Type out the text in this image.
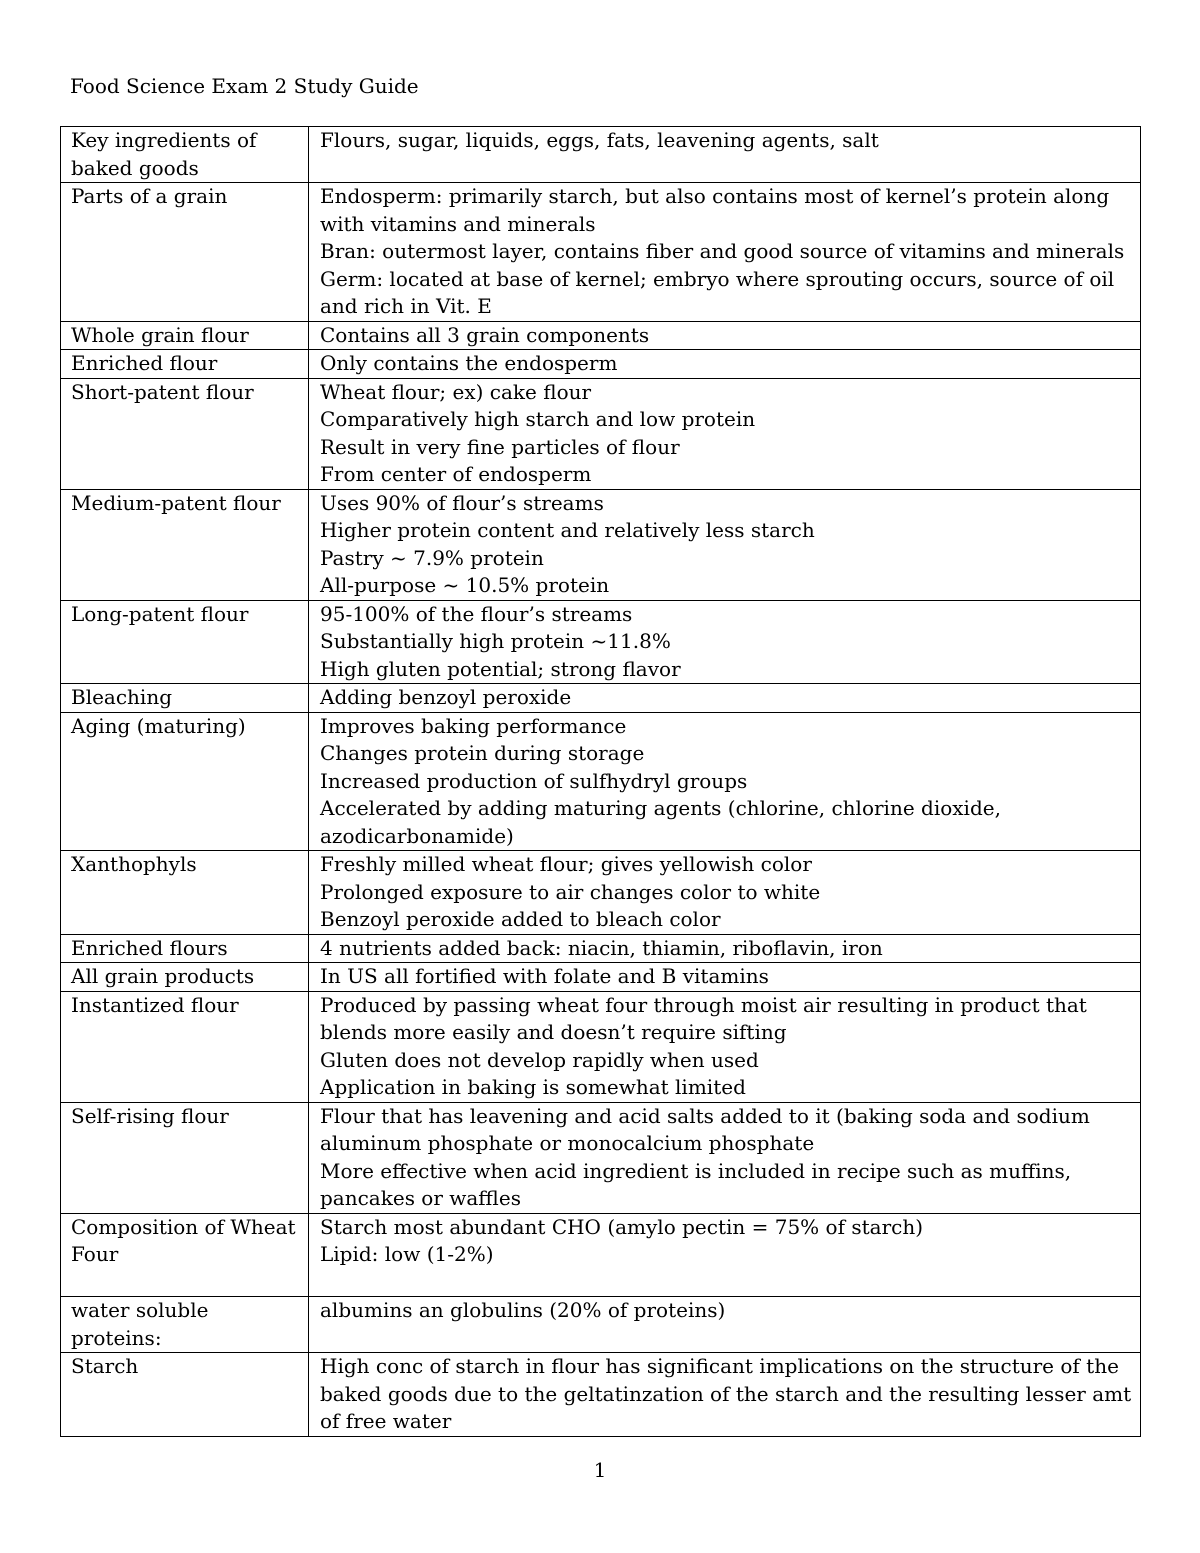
Food Science Exam 2 Study Guide
Key ingredients of baked goods	Flours, sugar, liquids, eggs, fats, leavening agents, salt

Parts of a grain	Endosperm: primarily starch, but also contains most of kernel’s protein along with vitamins and minerals
Bran: outermost layer, contains fiber and good source of vitamins and minerals
Germ: located at base of kernel; embryo where sprouting occurs, source of oil and rich in Vit. E

Whole grain flour	Contains all 3 grain components

Enriched flour	Only contains the endosperm

Short-patent flour	Wheat flour; ex) cake flour
Comparatively high starch and low protein
Result in very fine particles of flour
From center of endosperm

Medium-patent flour	Uses 90% of flour’s streams
Higher protein content and relatively less starch
Pastry ~ 7.9% protein
All-purpose ~ 10.5% protein

Long-patent flour	95-100% of the flour’s streams
Substantially high protein ~11.8%
High gluten potential; strong flavor

Bleaching	Adding benzoyl peroxide

Aging (maturing)	Improves baking performance
Changes protein during storage
Increased production of sulfhydryl groups
Accelerated by adding maturing agents (chlorine, chlorine dioxide, azodicarbonamide)

Xanthophyls	Freshly milled wheat flour; gives yellowish color
Prolonged exposure to air changes color to white
Benzoyl peroxide added to bleach color

Enriched flours	4 nutrients added back: niacin, thiamin, riboflavin, iron

All grain products	In US all fortified with folate and B vitamins

Instantized flour	Produced by passing wheat four through moist air resulting in product that blends more easily and doesn’t require sifting
Gluten does not develop rapidly when used
Application in baking is somewhat limited

Self-rising flour	Flour that has leavening and acid salts added to it (baking soda and sodium aluminum phosphate or monocalcium phosphate
More effective when acid ingredient is included in recipe such as muffins, pancakes or waffles

Composition of Wheat Four	Starch most abundant CHO (amylo pectin = 75% of starch)
Lipid: low (1-2%)

water soluble proteins:	albumins an globulins (20% of proteins)

Starch	High conc of starch in flour has significant implications on the structure of the baked goods due to the geltatinzation of the starch and the resulting lesser amt of free water
1
